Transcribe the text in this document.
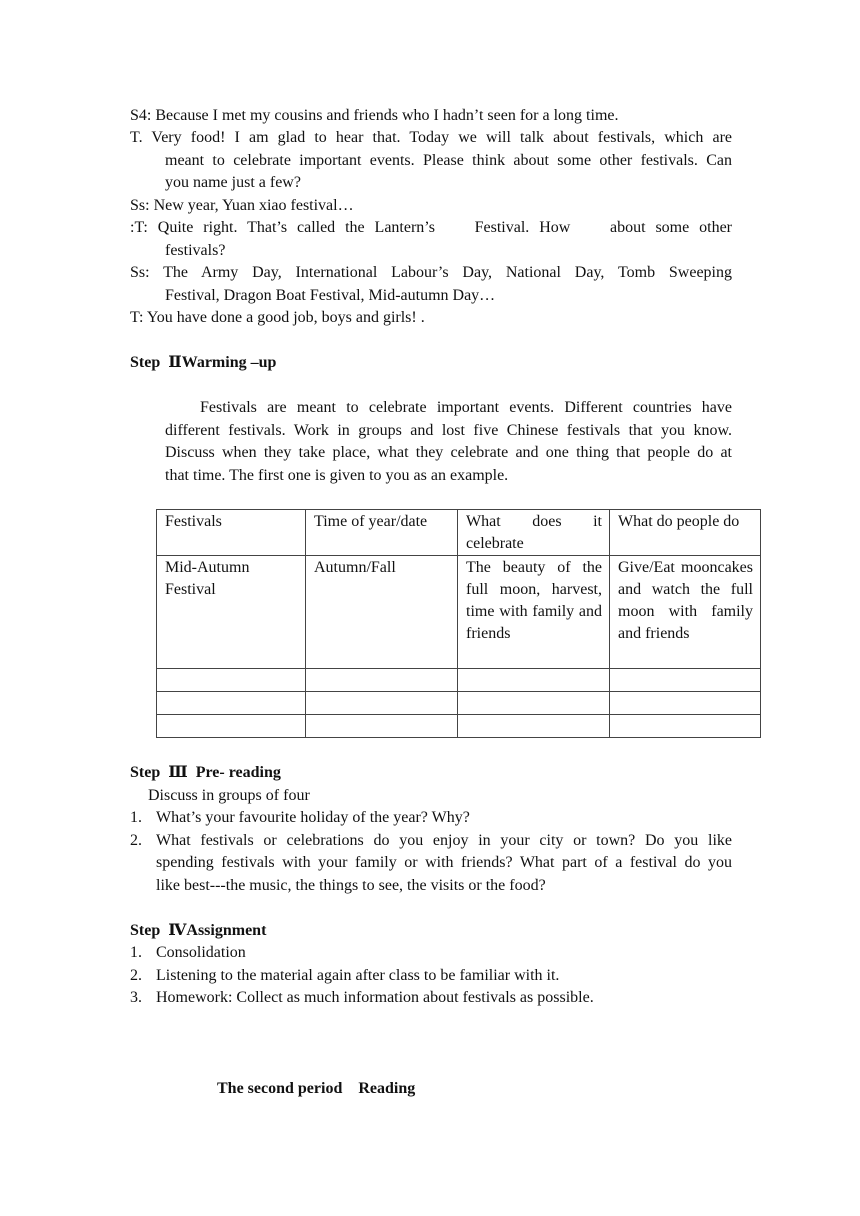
S4: Because I met my cousins and friends who I hadn’t seen for a long time.
T. Very food! I am glad to hear that. Today we will talk about festivals, which are
meant to celebrate important events. Please think about some other festivals. Can
you name just a few?
Ss: New year, Yuan xiao festival…
:T: Quite right. That’s called the Lantern’s    Festival. How    about some other
festivals?
Ss: The Army Day, International Labour’s Day, National Day, Tomb Sweeping
Festival, Dragon Boat Festival, Mid-autumn Day…
T: You have done a good job, boys and girls! .
Step  ⅡWarming –up
Festivals are meant to celebrate important events. Different countries have
different festivals. Work in groups and lost five Chinese festivals that you know.
Discuss when they take place, what they celebrate and one thing that people do at
that time. The first one is given to you as an example.
Festivals	Time of year/date	What does it celebrate	What do people do
Mid-Autumn Festival	Autumn/Fall	The beauty of the full moon, harvest, time with family and friends	Give/Eat mooncakes and watch the full moon with family and friends

Step  Ⅲ  Pre- reading
Discuss in groups of four
1. What’s your favourite holiday of the year? Why?
2. What festivals or celebrations do you enjoy in your city or town? Do you like
spending festivals with your family or with friends? What part of a festival do you
like best---the music, the things to see, the visits or the food?
Step  ⅣAssignment
1. Consolidation
2. Listening to the material again after class to be familiar with it.
3. Homework: Collect as much information about festivals as possible.
The second period    Reading
